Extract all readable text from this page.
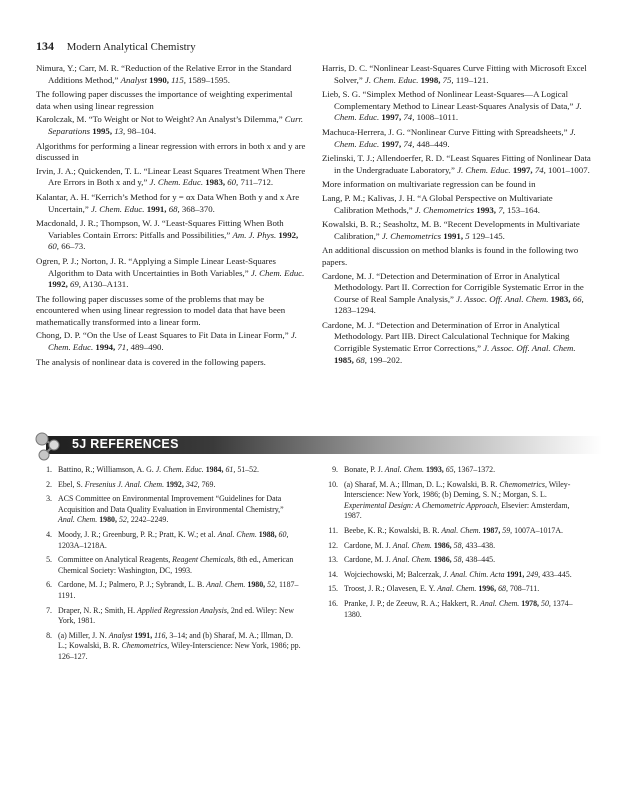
134 Modern Analytical Chemistry

Nimura, Y.; Carr, M. R. “Reduction of the Relative Error in the Standard Additions Method,” Analyst 1990, 115, 1589–1595.

The following paper discusses the importance of weighting experimental data when using linear regression

Karolczak, M. “To Weight or Not to Weight? An Analyst’s Dilemma,” Curr. Separations 1995, 13, 98–104.

Algorithms for performing a linear regression with errors in both x and y are discussed in

Irvin, J. A.; Quickenden, T. L. “Linear Least Squares Treatment When There Are Errors in Both x and y,” J. Chem. Educ. 1983, 60, 711–712.

Kalantar, A. H. “Kerrich’s Method for y = αx Data When Both y and x Are Uncertain,” J. Chem. Educ. 1991, 68, 368–370.

Macdonald, J. R.; Thompson, W. J. “Least-Squares Fitting When Both Variables Contain Errors: Pitfalls and Possibilities,” Am. J. Phys. 1992, 60, 66–73.

Ogren, P. J.; Norton, J. R. “Applying a Simple Linear Least-Squares Algorithm to Data with Uncertainties in Both Variables,” J. Chem. Educ. 1992, 69, A130–A131.

The following paper discusses some of the problems that may be encountered when using linear regression to model data that have been mathematically transformed into a linear form.

Chong, D. P. “On the Use of Least Squares to Fit Data in Linear Form,” J. Chem. Educ. 1994, 71, 489–490.

The analysis of nonlinear data is covered in the following papers.

Harris, D. C. “Nonlinear Least-Squares Curve Fitting with Microsoft Excel Solver,” J. Chem. Educ. 1998, 75, 119–121.

Lieb, S. G. “Simplex Method of Nonlinear Least-Squares—A Logical Complementary Method to Linear Least-Squares Analysis of Data,” J. Chem. Educ. 1997, 74, 1008–1011.

Machuca-Herrera, J. G. “Nonlinear Curve Fitting with Spreadsheets,” J. Chem. Educ. 1997, 74, 448–449.

Zielinski, T. J.; Allendoerfer, R. D. “Least Squares Fitting of Nonlinear Data in the Undergraduate Laboratory,” J. Chem. Educ. 1997, 74, 1001–1007.

More information on multivariate regression can be found in

Lang, P. M.; Kalivas, J. H. “A Global Perspective on Multivariate Calibration Methods,” J. Chemometrics 1993, 7, 153–164.

Kowalski, B. R.; Seasholtz, M. B. “Recent Developments in Multivariate Calibration,” J. Chemometrics 1991, 5 129–145.

An additional discussion on method blanks is found in the following two papers.

Cardone, M. J. “Detection and Determination of Error in Analytical Methodology. Part II. Correction for Corrigible Systematic Error in the Course of Real Sample Analysis,” J. Assoc. Off. Anal. Chem. 1983, 66, 1283–1294.

Cardone, M. J. “Detection and Determination of Error in Analytical Methodology. Part IIB. Direct Calculational Technique for Making Corrigible Systematic Error Corrections,” J. Assoc. Off. Anal. Chem. 1985, 68, 199–202.

5J REFERENCES
1. Battino, R.; Williamson, A. G. J. Chem. Educ. 1984, 61, 51–52.
2. Ebel, S. Fresenius J. Anal. Chem. 1992, 342, 769.
3. ACS Committee on Environmental Improvement “Guidelines for Data Acquisition and Data Quality Evaluation in Environmental Chemistry,” Anal. Chem. 1980, 52, 2242–2249.
4. Moody, J. R.; Greenburg, P. R.; Pratt, K. W.; et al. Anal. Chem. 1988, 60, 1203A–1218A.
5. Committee on Analytical Reagents, Reagent Chemicals, 8th ed., American Chemical Society: Washington, DC, 1993.
6. Cardone, M. J.; Palmero, P. J.; Sybrandt, L. B. Anal. Chem. 1980, 52, 1187–1191.
7. Draper, N. R.; Smith, H. Applied Regression Analysis, 2nd ed. Wiley: New York, 1981.
8. (a) Miller, J. N. Analyst 1991, 116, 3–14; and (b) Sharaf, M. A.; Illman, D. L.; Kowalski, B. R. Chemometrics, Wiley-Interscience: New York, 1986; pp. 126–127.
9. Bonate, P. J. Anal. Chem. 1993, 65, 1367–1372.
10. (a) Sharaf, M. A.; Illman, D. L.; Kowalski, B. R. Chemometrics, Wiley-Interscience: New York, 1986; (b) Deming, S. N.; Morgan, S. L. Experimental Design: A Chemometric Approach, Elsevier: Amsterdam, 1987.
11. Beebe, K. R.; Kowalski, B. R. Anal. Chem. 1987, 59, 1007A–1017A.
12. Cardone, M. J. Anal. Chem. 1986, 58, 433–438.
13. Cardone, M. J. Anal. Chem. 1986, 58, 438–445.
14. Wojciechowski, M; Balcerzak, J. Anal. Chim. Acta 1991, 249, 433–445.
15. Troost, J. R.; Olavesen, E. Y. Anal. Chem. 1996, 68, 708–711.
16. Pranke, J. P.; de Zeeuw, R. A.; Hakkert, R. Anal. Chem. 1978, 50, 1374–1380.
